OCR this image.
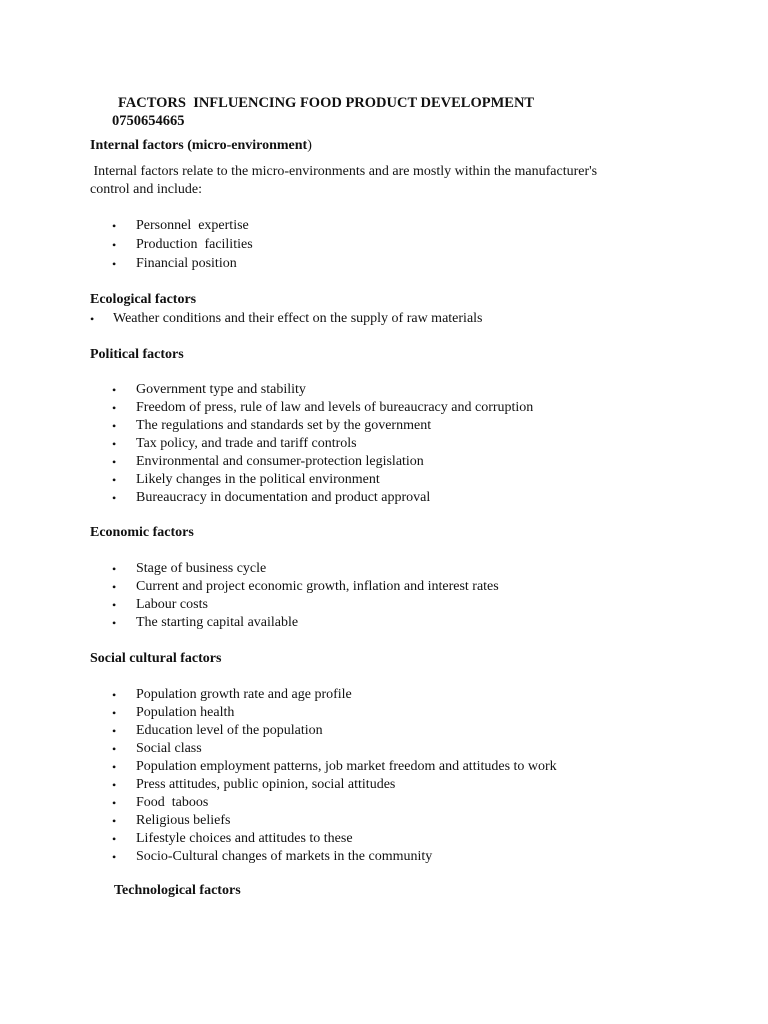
FACTORS  INFLUENCING FOOD PRODUCT DEVELOPMENT
0750654665
Internal factors (micro-environment)
Internal factors relate to the micro-environments and are mostly within the manufacturer's
control and include:
• Personnel  expertise
• Production  facilities
• Financial position
Ecological factors
• Weather conditions and their effect on the supply of raw materials
Political factors
• Government type and stability
• Freedom of press, rule of law and levels of bureaucracy and corruption
• The regulations and standards set by the government
• Tax policy, and trade and tariff controls
• Environmental and consumer-protection legislation
• Likely changes in the political environment
• Bureaucracy in documentation and product approval
Economic factors
• Stage of business cycle
• Current and project economic growth, inflation and interest rates
• Labour costs
• The starting capital available
Social cultural factors
• Population growth rate and age profile
• Population health
• Education level of the population
• Social class
• Population employment patterns, job market freedom and attitudes to work
• Press attitudes, public opinion, social attitudes
• Food  taboos
• Religious beliefs
• Lifestyle choices and attitudes to these
• Socio-Cultural changes of markets in the community
Technological factors
